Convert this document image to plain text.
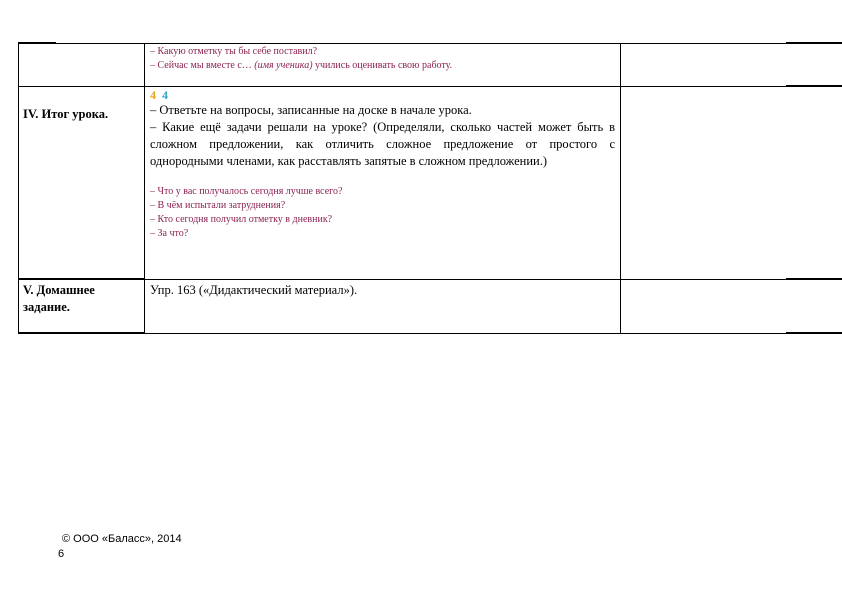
– Какую отметку ты бы себе поставил?
– Сейчас мы вместе с… (имя ученика) учились оценивать свою работу.
IV. Итог урока.
4 4

– Ответьте на вопросы, записанные на доске в начале урока.

– Какие ещё задачи решали на уроке? (Определяли, сколько частей может быть в сложном предложении, как отличить сложное предложение от простого с однородными членами, как расставлять запятые в сложном предложении.)

– Что у вас получалось сегодня лучше всего?
– В чём испытали затруднения?
– Кто сегодня получил отметку в дневник?
– За что?
V. Домашнее задание.
Упр. 163 («Дидактический материал»).
© ООО «Баласс», 2014
6
